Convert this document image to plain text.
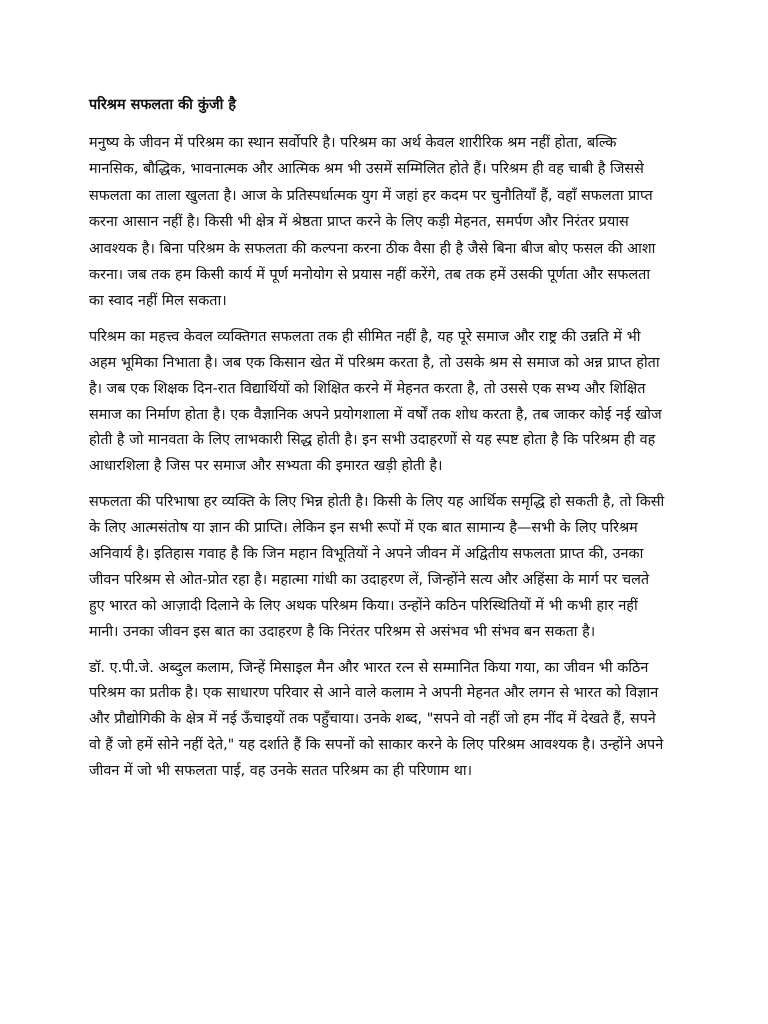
परिश्रम सफलता की कुंजी है

मनुष्य के जीवन में परिश्रम का स्थान सर्वोपरि है। परिश्रम का अर्थ केवल शारीरिक श्रम नहीं होता, बल्कि मानसिक, बौद्धिक, भावनात्मक और आत्मिक श्रम भी उसमें सम्मिलित होते हैं। परिश्रम ही वह चाबी है जिससे सफलता का ताला खुलता है। आज के प्रतिस्पर्धात्मक युग में जहां हर कदम पर चुनौतियाँ हैं, वहाँ सफलता प्राप्त करना आसान नहीं है। किसी भी क्षेत्र में श्रेष्ठता प्राप्त करने के लिए कड़ी मेहनत, समर्पण और निरंतर प्रयास आवश्यक है। बिना परिश्रम के सफलता की कल्पना करना ठीक वैसा ही है जैसे बिना बीज बोए फसल की आशा करना। जब तक हम किसी कार्य में पूर्ण मनोयोग से प्रयास नहीं करेंगे, तब तक हमें उसकी पूर्णता और सफलता का स्वाद नहीं मिल सकता।

परिश्रम का महत्त्व केवल व्यक्तिगत सफलता तक ही सीमित नहीं है, यह पूरे समाज और राष्ट्र की उन्नति में भी अहम भूमिका निभाता है। जब एक किसान खेत में परिश्रम करता है, तो उसके श्रम से समाज को अन्न प्राप्त होता है। जब एक शिक्षक दिन-रात विद्यार्थियों को शिक्षित करने में मेहनत करता है, तो उससे एक सभ्य और शिक्षित समाज का निर्माण होता है। एक वैज्ञानिक अपने प्रयोगशाला में वर्षों तक शोध करता है, तब जाकर कोई नई खोज होती है जो मानवता के लिए लाभकारी सिद्ध होती है। इन सभी उदाहरणों से यह स्पष्ट होता है कि परिश्रम ही वह आधारशिला है जिस पर समाज और सभ्यता की इमारत खड़ी होती है।

सफलता की परिभाषा हर व्यक्ति के लिए भिन्न होती है। किसी के लिए यह आर्थिक समृद्धि हो सकती है, तो किसी के लिए आत्मसंतोष या ज्ञान की प्राप्ति। लेकिन इन सभी रूपों में एक बात सामान्य है—सभी के लिए परिश्रम अनिवार्य है। इतिहास गवाह है कि जिन महान विभूतियों ने अपने जीवन में अद्वितीय सफलता प्राप्त की, उनका जीवन परिश्रम से ओत-प्रोत रहा है। महात्मा गांधी का उदाहरण लें, जिन्होंने सत्य और अहिंसा के मार्ग पर चलते हुए भारत को आज़ादी दिलाने के लिए अथक परिश्रम किया। उन्होंने कठिन परिस्थितियों में भी कभी हार नहीं मानी। उनका जीवन इस बात का उदाहरण है कि निरंतर परिश्रम से असंभव भी संभव बन सकता है।

डॉ. ए.पी.जे. अब्दुल कलाम, जिन्हें मिसाइल मैन और भारत रत्न से सम्मानित किया गया, का जीवन भी कठिन परिश्रम का प्रतीक है। एक साधारण परिवार से आने वाले कलाम ने अपनी मेहनत और लगन से भारत को विज्ञान और प्रौद्योगिकी के क्षेत्र में नई ऊँचाइयों तक पहुँचाया। उनके शब्द, "सपने वो नहीं जो हम नींद में देखते हैं, सपने वो हैं जो हमें सोने नहीं देते," यह दर्शाते हैं कि सपनों को साकार करने के लिए परिश्रम आवश्यक है। उन्होंने अपने जीवन में जो भी सफलता पाई, वह उनके सतत परिश्रम का ही परिणाम था।
